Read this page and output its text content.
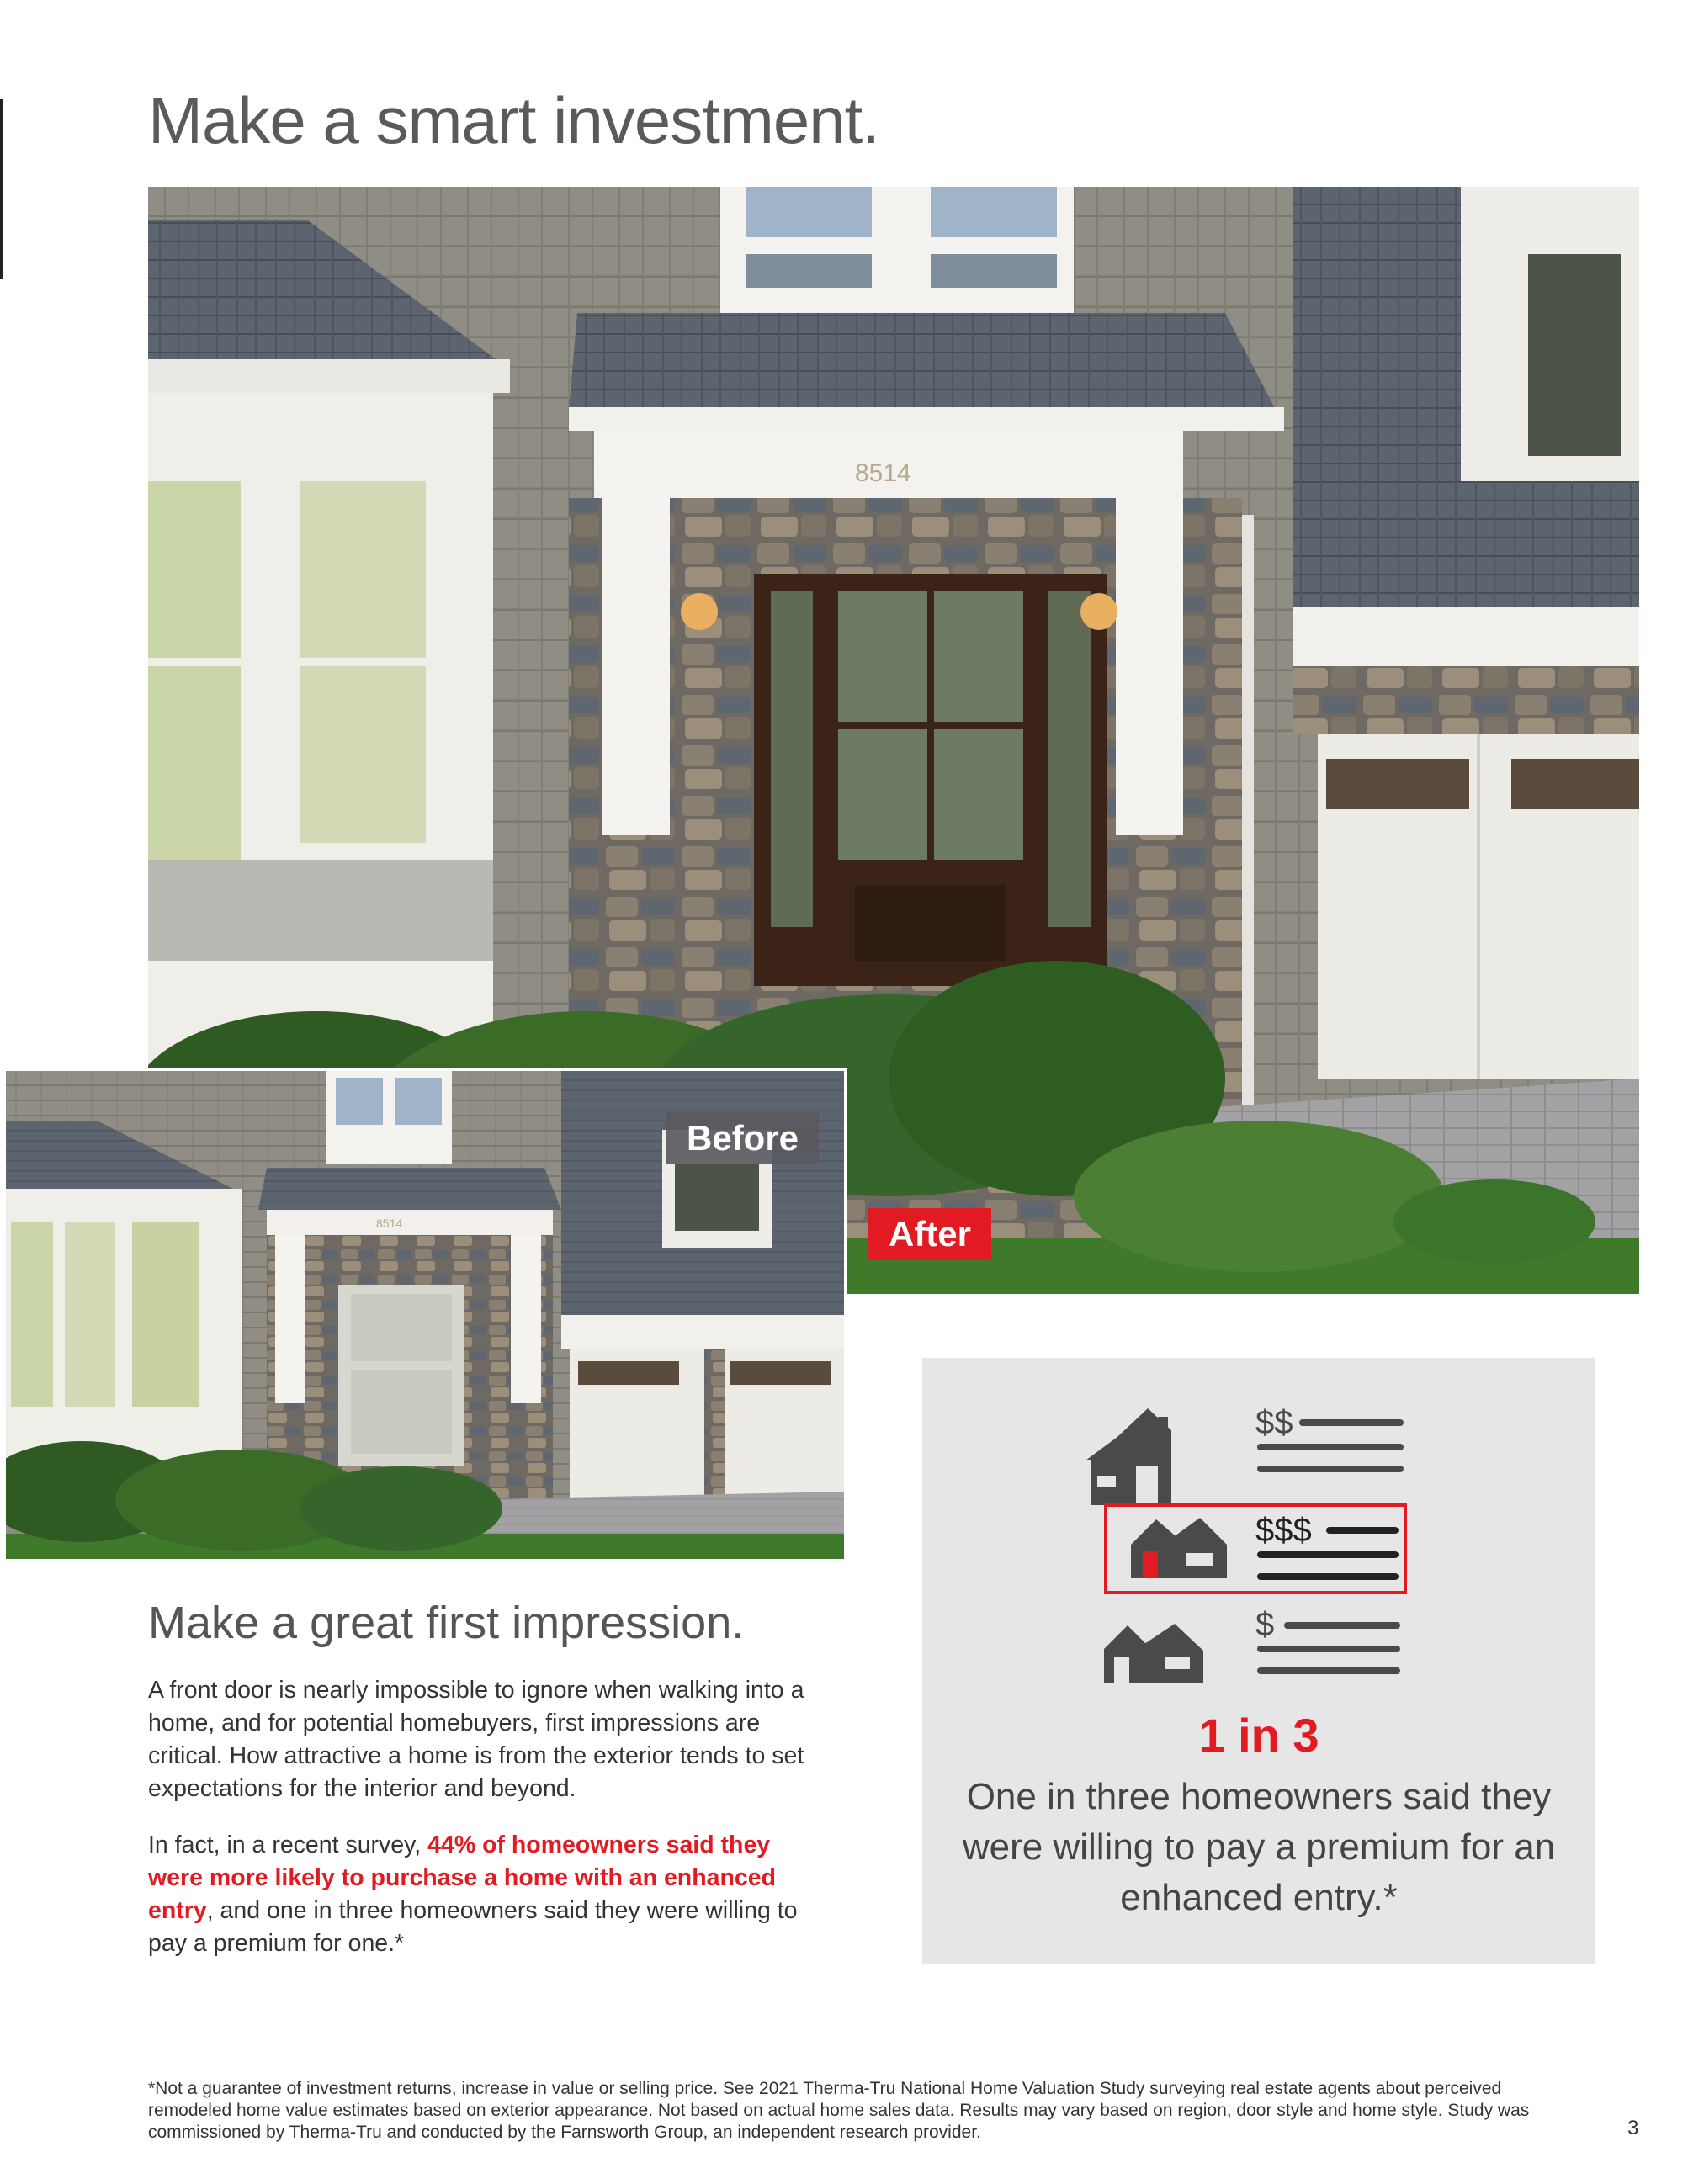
Make a smart investment.
8514
After
8514
Before
Make a great first impression.

A front door is nearly impossible to ignore when walking into a home, and for potential homebuyers, first impressions are critical. How attractive a home is from the exterior tends to set expectations for the interior and beyond.

In fact, in a recent survey, 44% of homeowners said they were more likely to purchase a home with an enhanced entry, and one in three homeowners said they were willing to pay a premium for one.*

$$
$$$
$

1 in 3

One in three homeowners said they were willing to pay a premium for an enhanced entry.*

*Not a guarantee of investment returns, increase in value or selling price. See 2021 Therma-Tru National Home Valuation Study surveying real estate agents about perceived remodeled home value estimates based on exterior appearance. Not based on actual home sales data. Results may vary based on region, door style and home style. Study was commissioned by Therma-Tru and conducted by the Farnsworth Group, an independent research provider.	3
